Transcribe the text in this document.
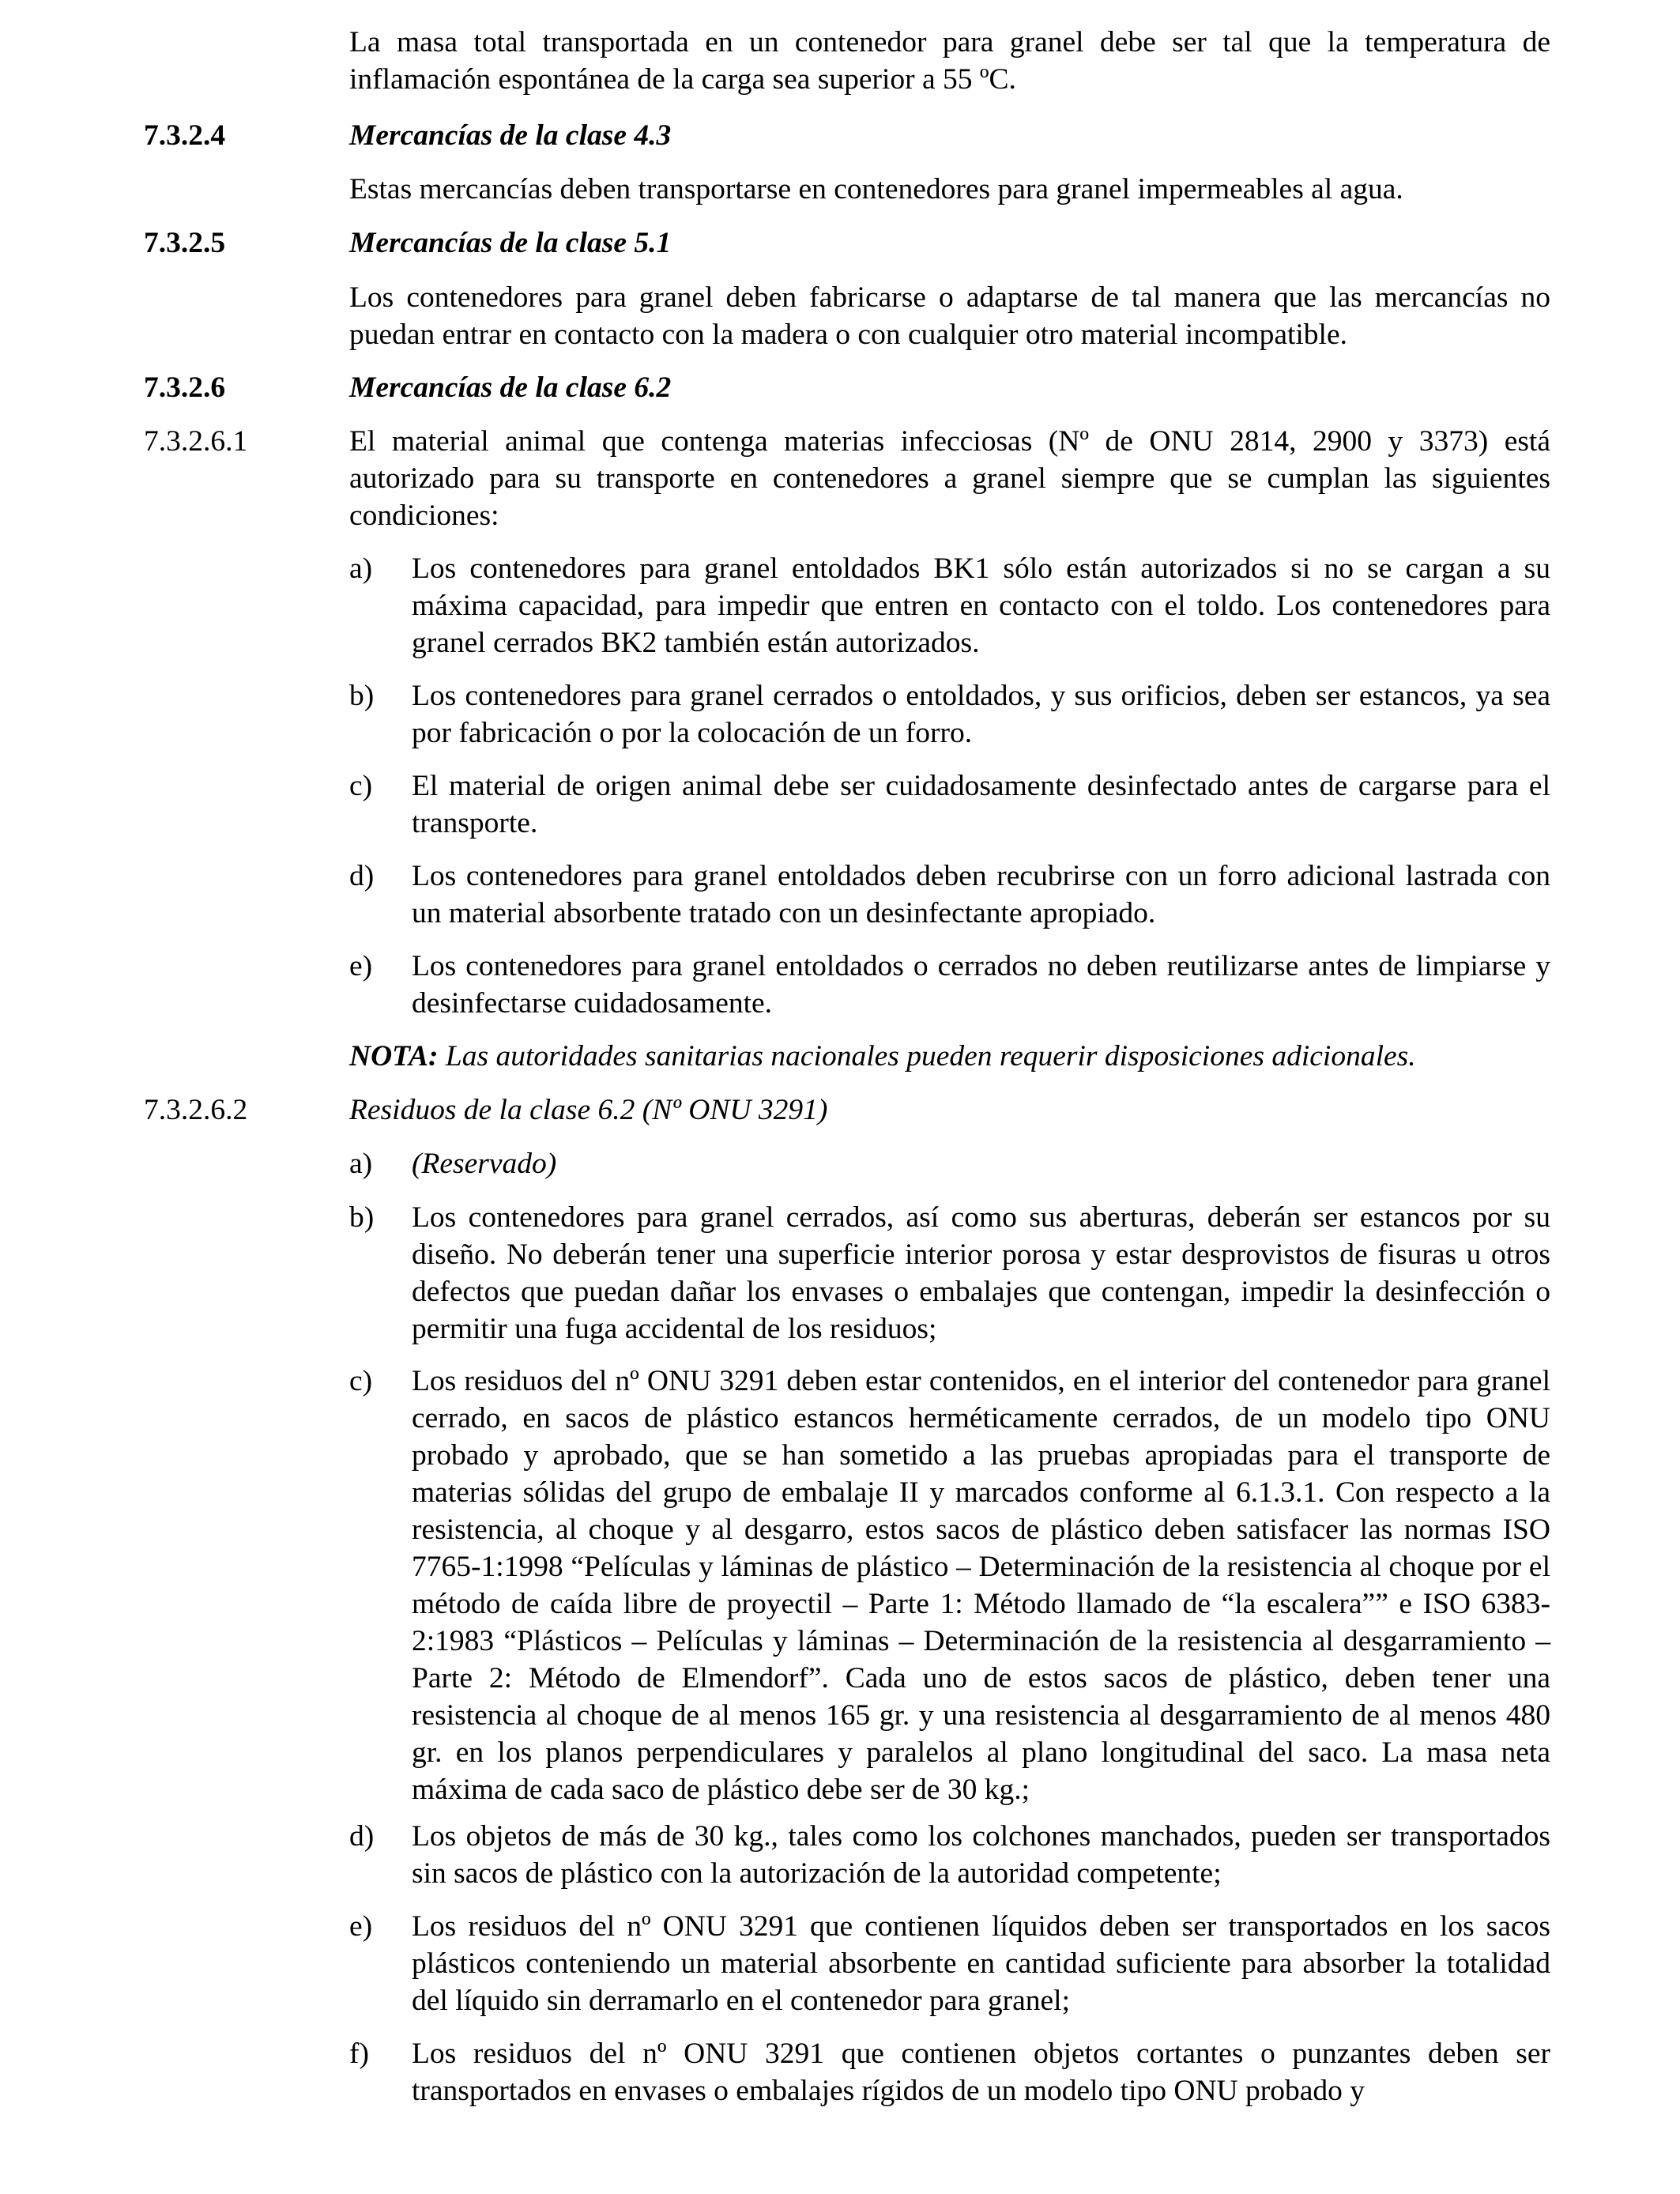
La masa total transportada en un contenedor para granel debe ser tal que la temperatura de inflamación espontánea de la carga sea superior a 55 ºC.

7.3.2.4	Mercancías de la clase 4.3

Estas mercancías deben transportarse en contenedores para granel impermeables al agua.

7.3.2.5	Mercancías de la clase 5.1

Los contenedores para granel deben fabricarse o adaptarse de tal manera que las mercancías no puedan entrar en contacto con la madera o con cualquier otro material incompatible.

7.3.2.6	Mercancías de la clase 6.2

7.3.2.6.1	El material animal que contenga materias infecciosas (Nº de ONU 2814, 2900 y 3373) está autorizado para su transporte en contenedores a granel siempre que se cumplan las siguientes condiciones:

a) Los contenedores para granel entoldados BK1 sólo están autorizados si no se cargan a su máxima capacidad, para impedir que entren en contacto con el toldo. Los contenedores para granel cerrados BK2 también están autorizados.

b) Los contenedores para granel cerrados o entoldados, y sus orificios, deben ser estancos, ya sea por fabricación o por la colocación de un forro.

c) El material de origen animal debe ser cuidadosamente desinfectado antes de cargarse para el transporte.

d) Los contenedores para granel entoldados deben recubrirse con un forro adicional lastrada con un material absorbente tratado con un desinfectante apropiado.

e) Los contenedores para granel entoldados o cerrados no deben reutilizarse antes de limpiarse y desinfectarse cuidadosamente.

NOTA: Las autoridades sanitarias nacionales pueden requerir disposiciones adicionales.

7.3.2.6.2	Residuos de la clase 6.2 (Nº ONU 3291)

a) (Reservado)

b) Los contenedores para granel cerrados, así como sus aberturas, deberán ser estancos por su diseño. No deberán tener una superficie interior porosa y estar desprovistos de fisuras u otros defectos que puedan dañar los envases o embalajes que contengan, impedir la desinfección o permitir una fuga accidental de los residuos;

c) Los residuos del nº ONU 3291 deben estar contenidos, en el interior del contenedor para granel cerrado, en sacos de plástico estancos herméticamente cerrados, de un modelo tipo ONU probado y aprobado, que se han sometido a las pruebas apropiadas para el transporte de materias sólidas del grupo de embalaje II y marcados conforme al 6.1.3.1. Con respecto a la resistencia, al choque y al desgarro, estos sacos de plástico deben satisfacer las normas ISO 7765-1:1998 “Películas y láminas de plástico – Determinación de la resistencia al choque por el método de caída libre de proyectil – Parte 1: Método llamado de “la escalera”” e ISO 6383-2:1983 “Plásticos – Películas y láminas – Determinación de la resistencia al desgarramiento – Parte 2: Método de Elmendorf”. Cada uno de estos sacos de plástico, deben tener una resistencia al choque de al menos 165 gr. y una resistencia al desgarramiento de al menos 480 gr. en los planos perpendiculares y paralelos al plano longitudinal del saco. La masa neta máxima de cada saco de plástico debe ser de 30 kg.;

d) Los objetos de más de 30 kg., tales como los colchones manchados, pueden ser transportados sin sacos de plástico con la autorización de la autoridad competente;

e) Los residuos del nº ONU 3291 que contienen líquidos deben ser transportados en los sacos plásticos conteniendo un material absorbente en cantidad suficiente para absorber la totalidad del líquido sin derramarlo en el contenedor para granel;

f) Los residuos del nº ONU 3291 que contienen objetos cortantes o punzantes deben ser transportados en envases o embalajes rígidos de un modelo tipo ONU probado y
